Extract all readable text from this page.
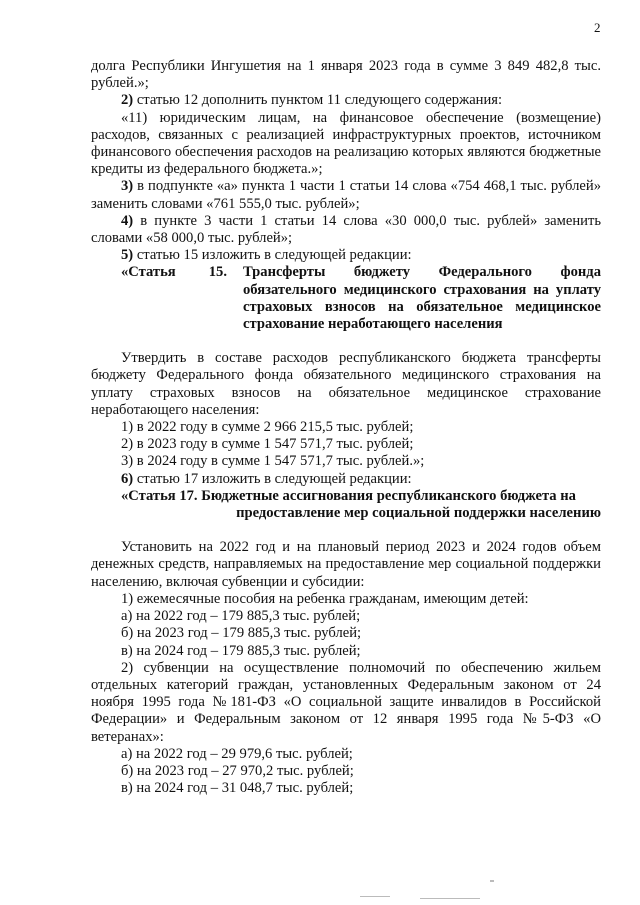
2

долга Республики Ингушетия на 1 января 2023 года в сумме 3 849 482,8 тыс. рублей.»;

2) статью 12 дополнить пунктом 11 следующего содержания:

«11) юридическим лицам, на финансовое обеспечение (возмещение) расходов, связанных с реализацией инфраструктурных проектов, источником финансового обеспечения расходов на реализацию которых являются бюджетные кредиты из федерального бюджета.»;

3) в подпункте «а» пункта 1 части 1 статьи 14 слова «754 468,1 тыс. рублей» заменить словами «761 555,0 тыс. рублей»;

4) в пункте 3 части 1 статьи 14 слова «30 000,0 тыс. рублей» заменить словами «58 000,0 тыс. рублей»;

5) статью 15 изложить в следующей редакции:

«Статья 15. Трансферты бюджету Федерального фонда обязательного медицинского страхования на уплату страховых взносов на обязательное медицинское страхование неработающего населения

Утвердить в составе расходов республиканского бюджета трансферты бюджету Федерального фонда обязательного медицинского страхования на уплату страховых взносов на обязательное медицинское страхование неработающего населения:

1) в 2022 году в сумме 2 966 215,5 тыс. рублей;

2) в 2023 году в сумме 1 547 571,7 тыс. рублей;

3) в 2024 году в сумме 1 547 571,7 тыс. рублей.»;

6) статью 17 изложить в следующей редакции:

«Статья 17. Бюджетные ассигнования республиканского бюджета на
предоставление мер социальной поддержки населению

Установить на 2022 год и на плановый период 2023 и 2024 годов объем денежных средств, направляемых на предоставление мер социальной поддержки населению, включая субвенции и субсидии:

1) ежемесячные пособия на ребенка гражданам, имеющим детей:

а) на 2022 год – 179 885,3 тыс. рублей;

б) на 2023 год – 179 885,3 тыс. рублей;

в) на 2024 год – 179 885,3 тыс. рублей;

2) субвенции на осуществление полномочий по обеспечению жильем отдельных категорий граждан, установленных Федеральным законом от 24 ноября 1995 года №181-ФЗ «О социальной защите инвалидов в Российской Федерации» и Федеральным законом от 12 января 1995 года №5-ФЗ «О ветеранах»:

а) на 2022 год – 29 979,6 тыс. рублей;

б) на 2023 год – 27 970,2 тыс. рублей;

в) на 2024 год – 31 048,7 тыс. рублей;
